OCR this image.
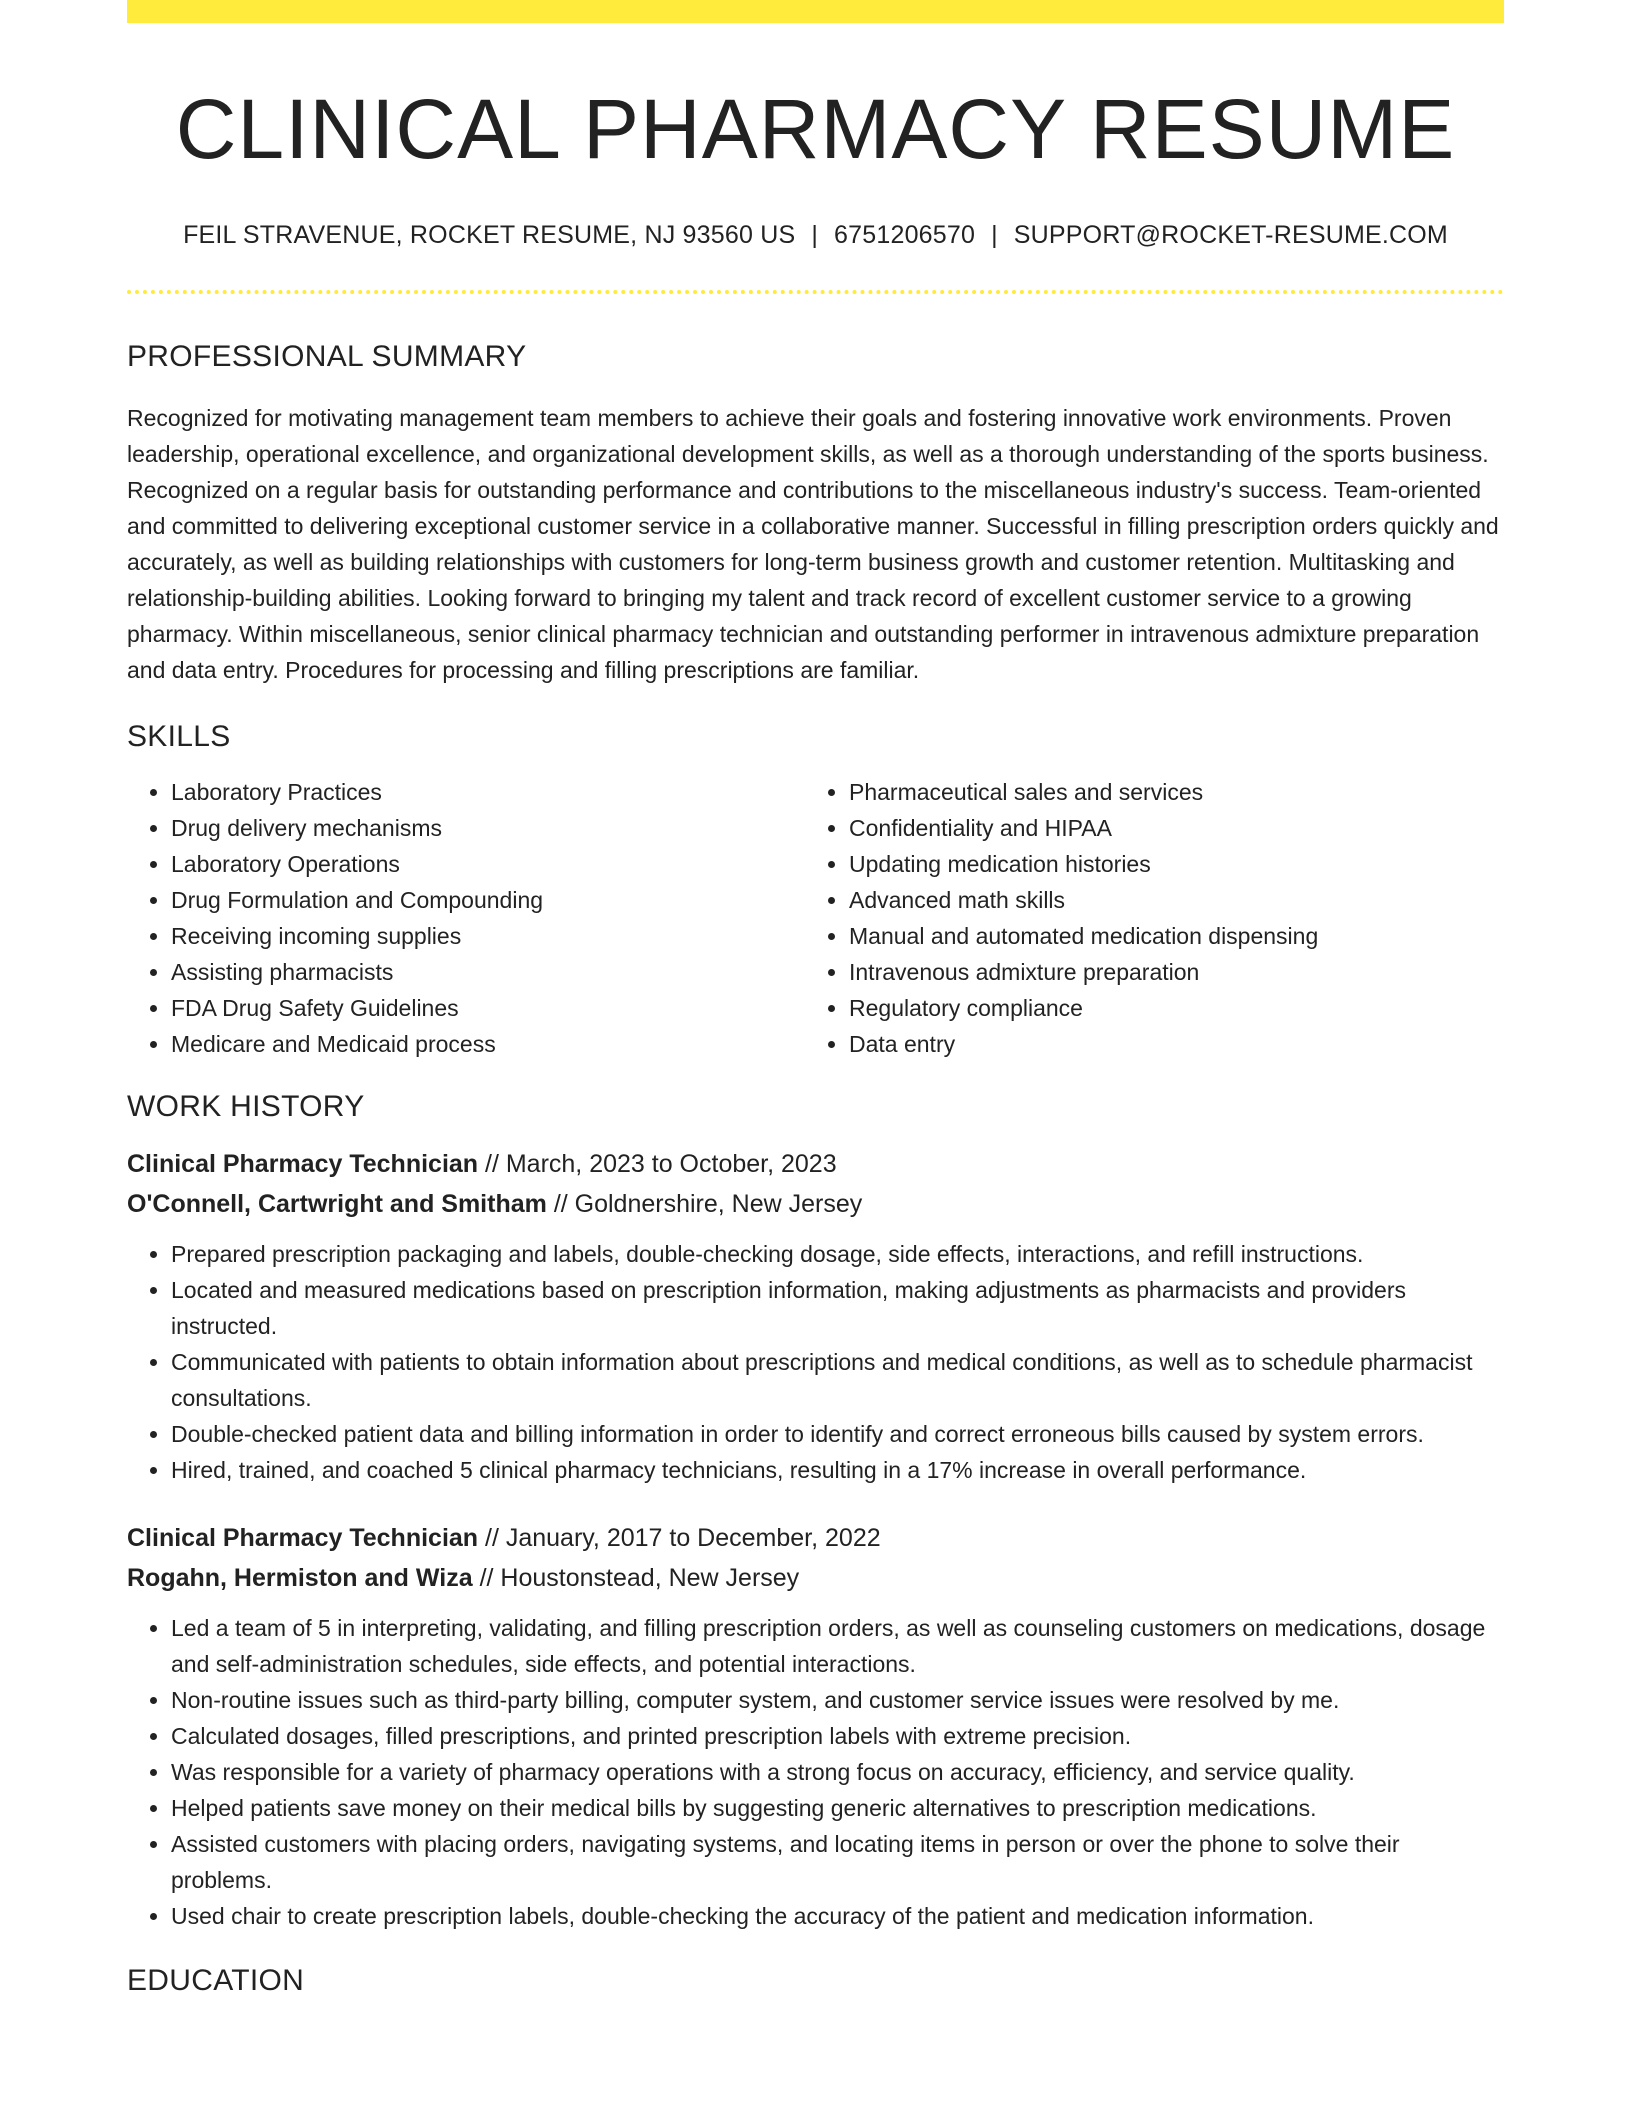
CLINICAL PHARMACY RESUME
FEIL STRAVENUE, ROCKET RESUME, NJ 93560 US | 6751206570 | SUPPORT@ROCKET-RESUME.COM
PROFESSIONAL SUMMARY
Recognized for motivating management team members to achieve their goals and fostering innovative work environments. Proven leadership, operational excellence, and organizational development skills, as well as a thorough understanding of the sports business. Recognized on a regular basis for outstanding performance and contributions to the miscellaneous industry's success. Team-oriented and committed to delivering exceptional customer service in a collaborative manner. Successful in filling prescription orders quickly and accurately, as well as building relationships with customers for long-term business growth and customer retention. Multitasking and relationship-building abilities. Looking forward to bringing my talent and track record of excellent customer service to a growing pharmacy. Within miscellaneous, senior clinical pharmacy technician and outstanding performer in intravenous admixture preparation and data entry. Procedures for processing and filling prescriptions are familiar.
SKILLS
• Laboratory Practices
• Drug delivery mechanisms
• Laboratory Operations
• Drug Formulation and Compounding
• Receiving incoming supplies
• Assisting pharmacists
• FDA Drug Safety Guidelines
• Medicare and Medicaid process
• Pharmaceutical sales and services
• Confidentiality and HIPAA
• Updating medication histories
• Advanced math skills
• Manual and automated medication dispensing
• Intravenous admixture preparation
• Regulatory compliance
• Data entry
WORK HISTORY
Clinical Pharmacy Technician // March, 2023 to October, 2023
O'Connell, Cartwright and Smitham // Goldnershire, New Jersey
• Prepared prescription packaging and labels, double-checking dosage, side effects, interactions, and refill instructions.
• Located and measured medications based on prescription information, making adjustments as pharmacists and providers instructed.
• Communicated with patients to obtain information about prescriptions and medical conditions, as well as to schedule pharmacist consultations.
• Double-checked patient data and billing information in order to identify and correct erroneous bills caused by system errors.
• Hired, trained, and coached 5 clinical pharmacy technicians, resulting in a 17% increase in overall performance.
Clinical Pharmacy Technician // January, 2017 to December, 2022
Rogahn, Hermiston and Wiza // Houstonstead, New Jersey
• Led a team of 5 in interpreting, validating, and filling prescription orders, as well as counseling customers on medications, dosage and self-administration schedules, side effects, and potential interactions.
• Non-routine issues such as third-party billing, computer system, and customer service issues were resolved by me.
• Calculated dosages, filled prescriptions, and printed prescription labels with extreme precision.
• Was responsible for a variety of pharmacy operations with a strong focus on accuracy, efficiency, and service quality.
• Helped patients save money on their medical bills by suggesting generic alternatives to prescription medications.
• Assisted customers with placing orders, navigating systems, and locating items in person or over the phone to solve their problems.
• Used chair to create prescription labels, double-checking the accuracy of the patient and medication information.
EDUCATION
